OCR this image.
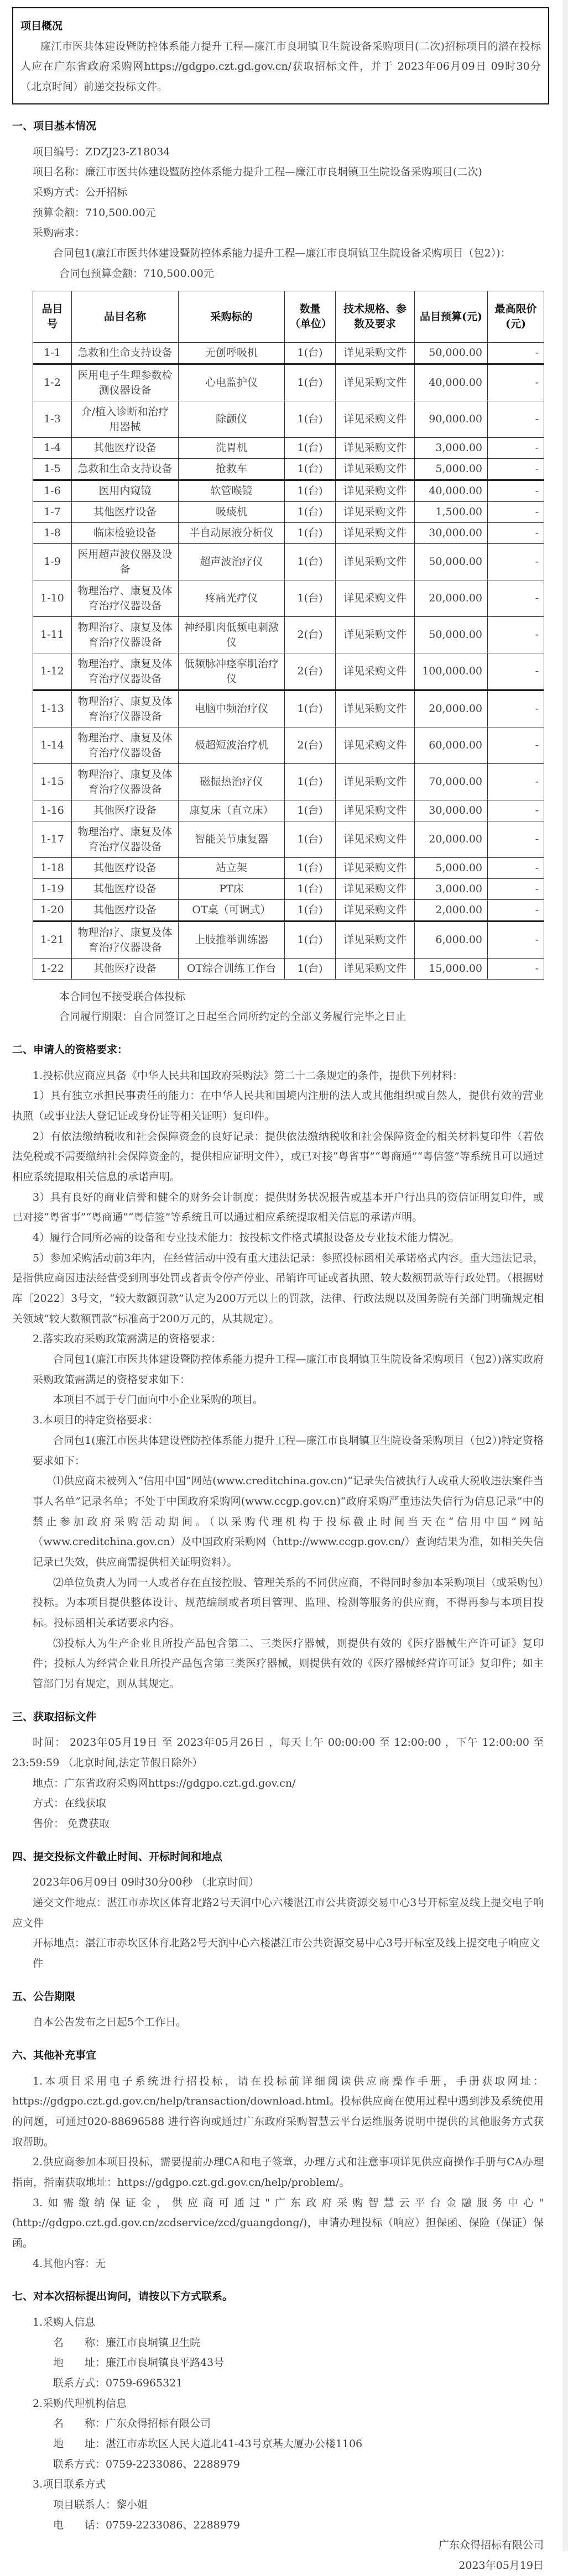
项目概况
廉江市医共体建设暨防控体系能力提升工程—廉江市良垌镇卫生院设备采购项目(二次)招标项目的潜在投标人应在广东省政府采购网https://gdgpo.czt.gd.gov.cn/获取招标文件，并于 2023年06月09日 09时30分 （北京时间）前递交投标文件。
一、项目基本情况
项目编号：ZDZJ23-Z18034
项目名称：廉江市医共体建设暨防控体系能力提升工程—廉江市良垌镇卫生院设备采购项目(二次)
采购方式：公开招标
预算金额：710,500.00元
采购需求：
合同包1(廉江市医共体建设暨防控体系能力提升工程—廉江市良垌镇卫生院设备采购项目（包2）)：
合同包预算金额：710,500.00元
品目号	品目名称	采购标的	数量（单位）	技术规格、参数及要求	品目预算(元)	最高限价(元)
1-1	急救和生命支持设备	无创呼吸机	1(台)	详见采购文件	50,000.00	-
1-2	医用电子生理参数检测仪器设备	心电监护仪	1(台)	详见采购文件	40,000.00	-
1-3	介/植入诊断和治疗用器械	除颤仪	1(台)	详见采购文件	90,000.00	-
1-4	其他医疗设备	洗胃机	1(台)	详见采购文件	3,000.00	-
1-5	急救和生命支持设备	抢救车	1(台)	详见采购文件	5,000.00	-
1-6	医用内窥镜	软管喉镜	1(台)	详见采购文件	40,000.00	-
1-7	其他医疗设备	吸痰机	1(台)	详见采购文件	1,500.00	-
1-8	临床检验设备	半自动尿液分析仪	1(台)	详见采购文件	30,000.00	-
1-9	医用超声波仪器及设备	超声波治疗仪	1(台)	详见采购文件	50,000.00	-
1-10	物理治疗、康复及体育治疗仪器设备	疼痛光疗仪	1(台)	详见采购文件	20,000.00	-
1-11	物理治疗、康复及体育治疗仪器设备	神经肌肉低频电刺激仪	2(台)	详见采购文件	50,000.00	-
1-12	物理治疗、康复及体育治疗仪器设备	低频脉冲痉挛肌治疗仪	2(台)	详见采购文件	100,000.00	-
1-13	物理治疗、康复及体育治疗仪器设备	电脑中频治疗仪	1(台)	详见采购文件	20,000.00	-
1-14	物理治疗、康复及体育治疗仪器设备	极超短波治疗机	2(台)	详见采购文件	60,000.00	-
1-15	物理治疗、康复及体育治疗仪器设备	磁振热治疗仪	1(台)	详见采购文件	70,000.00	-
1-16	其他医疗设备	康复床（直立床）	1(台)	详见采购文件	30,000.00	-
1-17	物理治疗、康复及体育治疗仪器设备	智能关节康复器	1(台)	详见采购文件	20,000.00	-
1-18	其他医疗设备	站立架	1(台)	详见采购文件	5,000.00	-
1-19	其他医疗设备	PT床	1(台)	详见采购文件	3,000.00	-
1-20	其他医疗设备	OT桌（可调式）	1(台)	详见采购文件	2,000.00	-
1-21	物理治疗、康复及体育治疗仪器设备	上肢推举训练器	1(台)	详见采购文件	6,000.00	-
1-22	其他医疗设备	OT综合训练工作台	1(台)	详见采购文件	15,000.00	-
本合同包不接受联合体投标
合同履行期限：自合同签订之日起至合同所约定的全部义务履行完毕之日止
二、申请人的资格要求：
1.投标供应商应具备《中华人民共和国政府采购法》第二十二条规定的条件，提供下列材料：
1）具有独立承担民事责任的能力：在中华人民共和国境内注册的法人或其他组织或自然人，提供有效的营业执照（或事业法人登记证或身份证等相关证明）复印件。
2）有依法缴纳税收和社会保障资金的良好记录：提供依法缴纳税收和社会保障资金的相关材料复印件（若依法免税或不需要缴纳社会保障资金的，提供相应证明文件），或已对接“粤省事”“粤商通”“粤信签”等系统且可以通过相应系统提取相关信息的承诺声明。
3）具有良好的商业信誉和健全的财务会计制度：提供财务状况报告或基本开户行出具的资信证明复印件，或已对接“粤省事”“粤商通”“粤信签”等系统且可以通过相应系统提取相关信息的承诺声明。
4）履行合同所必需的设备和专业技术能力：按投标文件格式填报设备及专业技术能力情况。
5）参加采购活动前3年内，在经营活动中没有重大违法记录：参照投标函相关承诺格式内容。重大违法记录，是指供应商因违法经营受到刑事处罚或者责令停产停业、吊销许可证或者执照、较大数额罚款等行政处罚。（根据财库〔2022〕3号文，“较大数额罚款”认定为200万元以上的罚款，法律、行政法规以及国务院有关部门明确规定相关领域“较大数额罚款”标准高于200万元的，从其规定）。
2.落实政府采购政策需满足的资格要求：
合同包1(廉江市医共体建设暨防控体系能力提升工程—廉江市良垌镇卫生院设备采购项目（包2）)落实政府采购政策需满足的资格要求如下：
本项目不属于专门面向中小企业采购的项目。
3.本项目的特定资格要求：
合同包1(廉江市医共体建设暨防控体系能力提升工程—廉江市良垌镇卫生院设备采购项目（包2）)特定资格要求如下：
⑴供应商未被列入“信用中国”网站(www.creditchina.gov.cn)“记录失信被执行人或重大税收违法案件当事人名单”记录名单；不处于中国政府采购网(www.ccgp.gov.cn)“政府采购严重违法失信行为信息记录”中的禁止参加政府采购活动期间。（以采购代理机构于投标截止时间当天在“信用中国”网站（www.creditchina.gov.cn）及中国政府采购网（http://www.ccgp.gov.cn/）查询结果为准，如相关失信记录已失效，供应商需提供相关证明资料）。
⑵单位负责人为同一人或者存在直接控股、管理关系的不同供应商，不得同时参加本采购项目（或采购包）投标。为本项目提供整体设计、规范编制或者项目管理、监理、检测等服务的供应商，不得再参与本项目投标。投标函相关承诺要求内容。
⑶投标人为生产企业且所投产品包含第二、三类医疗器械，则提供有效的《医疗器械生产许可证》复印件；投标人为经营企业且所投产品包含第三类医疗器械，则提供有效的《医疗器械经营许可证》复印件；如主管部门另有规定，则从其规定。
三、获取招标文件
时间： 2023年05月19日 至 2023年05月26日 ，每天上午 00:00:00 至 12:00:00 ，下午 12:00:00 至 23:59:59 （北京时间,法定节假日除外）
地点：广东省政府采购网https://gdgpo.czt.gd.gov.cn/
方式：在线获取
售价： 免费获取
四、提交投标文件截止时间、开标时间和地点
2023年06月09日 09时30分00秒 （北京时间）
递交文件地点：湛江市赤坎区体育北路2号天润中心六楼湛江市公共资源交易中心3号开标室及线上提交电子响应文件
开标地点：湛江市赤坎区体育北路2号天润中心六楼湛江市公共资源交易中心3号开标室及线上提交电子响应文件
五、公告期限
自本公告发布之日起5个工作日。
六、其他补充事宜
1.本项目采用电子系统进行招投标，请在投标前详细阅读供应商操作手册，手册获取网址：https://gdgpo.czt.gd.gov.cn/help/transaction/download.html。投标供应商在使用过程中遇到涉及系统使用的问题，可通过020-88696588 进行咨询或通过广东政府采购智慧云平台运维服务说明中提供的其他服务方式获取帮助。
2.供应商参加本项目投标，需要提前办理CA和电子签章，办理方式和注意事项详见供应商操作手册与CA办理指南，指南获取地址：https://gdgpo.czt.gd.gov.cn/help/problem/。
3.如需缴纳保证金，供应商可通过"广东政府采购智慧云平台金融服务中心"(http://gdgpo.czt.gd.gov.cn/zcdservice/zcd/guangdong/)，申请办理投标（响应）担保函、保险（保证）保函。
4.其他内容：无
七、对本次招标提出询问，请按以下方式联系。
1.采购人信息
名　　称：廉江市良垌镇卫生院
地　　址：廉江市良垌镇良平路43号
联系方式：0759-6965321
2.采购代理机构信息
名　　称：广东众得招标有限公司
地　　址：湛江市赤坎区人民大道北41-43号京基大厦办公楼1106
联系方式：0759-2233086、2288979
3.项目联系方式
项目联系人：黎小姐
电　　话：0759-2233086、2288979
广东众得招标有限公司
2023年05月19日
